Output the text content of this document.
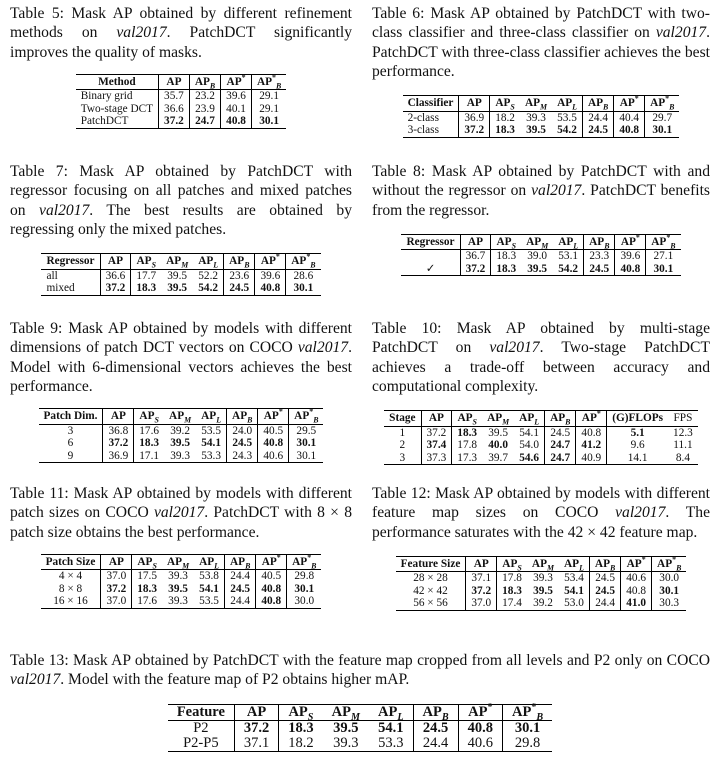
Table 5: Mask AP obtained by different refinement methods on val2017. PatchDCT significantly improves the quality of masks.

Method	AP	$AP_B$	AP*	$AP^*_B$
Binary grid	35.7	23.2	39.6	29.1
Two-stage DCT	36.6	23.9	40.1	29.1
PatchDCT	37.2	24.7	40.8	30.1

Table 6: Mask AP obtained by PatchDCT with two-class classifier and three-class classifier on val2017. PatchDCT with three-class classifier achieves the best performance.

Classifier	AP	$AP_S$	$AP_M$	$AP_L$	$AP_B$	AP*	$AP^*_B$
2-class	36.9	18.2	39.3	53.5	24.4	40.4	29.7
3-class	37.2	18.3	39.5	54.2	24.5	40.8	30.1

Table 7: Mask AP obtained by PatchDCT with regressor focusing on all patches and mixed patches on val2017. The best results are obtained by regressing only the mixed patches.

Regressor	AP	$AP_S$	$AP_M$	$AP_L$	$AP_B$	AP*	$AP^*_B$
all	36.6	17.7	39.5	52.2	23.6	39.6	28.6
mixed	37.2	18.3	39.5	54.2	24.5	40.8	30.1

Table 8: Mask AP obtained by PatchDCT with and without the regressor on val2017. PatchDCT benefits from the regressor.

Regressor	AP	$AP_S$	$AP_M$	$AP_L$	$AP_B$	AP*	$AP^*_B$
	36.7	18.3	39.0	53.1	23.3	39.6	27.1
✓	37.2	18.3	39.5	54.2	24.5	40.8	30.1

Table 9: Mask AP obtained by models with different dimensions of patch DCT vectors on COCO val2017. Model with 6-dimensional vectors achieves the best performance.

Patch Dim.	AP	$AP_S$	$AP_M$	$AP_L$	$AP_B$	AP*	$AP^*_B$
3	36.8	17.6	39.2	53.5	24.0	40.5	29.5
6	37.2	18.3	39.5	54.1	24.5	40.8	30.1
9	36.9	17.1	39.3	53.3	24.3	40.6	30.1

Table 10: Mask AP obtained by multi-stage PatchDCT on val2017. Two-stage PatchDCT achieves a trade-off between accuracy and computational complexity.

Stage	AP	$AP_S$	$AP_M$	$AP_L$	$AP_B$	AP*	(G)FLOPs	FPS
1	37.2	18.3	39.5	54.1	24.5	40.8	5.1	12.3
2	37.4	17.8	40.0	54.0	24.7	41.2	9.6	11.1
3	37.3	17.3	39.7	54.6	24.7	40.9	14.1	8.4

Table 11: Mask AP obtained by models with different patch sizes on COCO val2017. PatchDCT with 8 × 8 patch size obtains the best performance.

Patch Size	AP	$AP_S$	$AP_M$	$AP_L$	$AP_B$	AP*	$AP^*_B$
4 × 4	37.0	17.5	39.3	53.8	24.4	40.5	29.8
8 × 8	37.2	18.3	39.5	54.1	24.5	40.8	30.1
16 × 16	37.0	17.6	39.3	53.5	24.4	40.8	30.0

Table 12: Mask AP obtained by models with different feature map sizes on COCO val2017. The performance saturates with the 42 × 42 feature map.

Feature Size	AP	$AP_S$	$AP_M$	$AP_L$	$AP_B$	AP*	$AP^*_B$
28 × 28	37.1	17.8	39.3	53.4	24.5	40.6	30.0
42 × 42	37.2	18.3	39.5	54.1	24.5	40.8	30.1
56 × 56	37.0	17.4	39.2	53.0	24.4	41.0	30.3

Table 13: Mask AP obtained by PatchDCT with the feature map cropped from all levels and P2 only on COCO val2017. Model with the feature map of P2 obtains higher mAP.

Feature	AP	$AP_S$	$AP_M$	$AP_L$	$AP_B$	AP*	$AP^*_B$
P2	37.2	18.3	39.5	54.1	24.5	40.8	30.1
P2-P5	37.1	18.2	39.3	53.3	24.4	40.6	29.8
